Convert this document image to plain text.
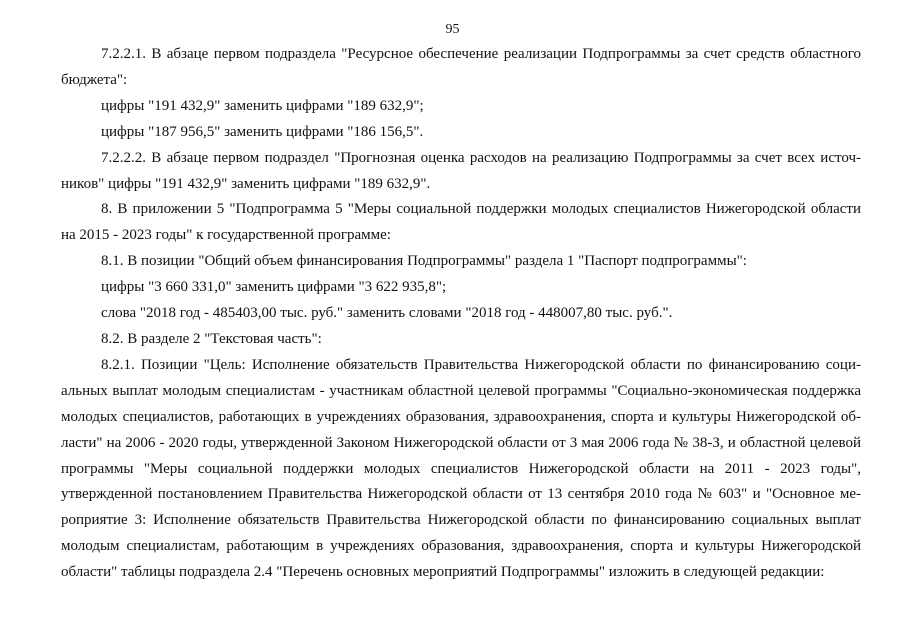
95

7.2.2.1. В абзаце первом подраздела "Ресурсное обеспечение реализации Подпрограммы за счет средств областного бюджета":

цифры "191 432,9" заменить цифрами "189 632,9";

цифры "187 956,5" заменить цифрами "186 156,5".

7.2.2.2. В абзаце первом подраздел "Прогнозная оценка расходов на реализацию Подпрограммы за счет всех источников" цифры "191 432,9" заменить цифрами "189 632,9".

8. В приложении 5 "Подпрограмма 5 "Меры социальной поддержки молодых специалистов Нижегородской области на 2015 - 2023 годы" к государственной программе:

8.1. В позиции "Общий объем финансирования Подпрограммы" раздела 1 "Паспорт подпрограммы":

цифры "3 660 331,0" заменить цифрами "3 622 935,8";

слова "2018 год - 485403,00 тыс. руб." заменить словами "2018 год - 448007,80 тыс. руб.".

8.2. В разделе 2 "Текстовая часть":

8.2.1. Позиции "Цель: Исполнение обязательств Правительства Нижегородской области по финансированию социальных выплат молодым специалистам - участникам областной целевой программы "Социально-экономическая поддержка молодых специалистов, работающих в учреждениях образования, здравоохранения, спорта и культуры Нижегородской области" на 2006 - 2020 годы, утвержденной Законом Нижегородской области от 3 мая 2006 года № 38-З, и областной целевой программы "Меры социальной поддержки молодых специалистов Нижегородской области на 2011 - 2023 годы", утвержденной постановлением Правительства Нижегородской области от 13 сентября 2010 года № 603" и "Основное мероприятие 3: Исполнение обязательств Правительства Нижегородской области по финансированию социальных выплат молодым специалистам, работающим в учреждениях образования, здравоохранения, спорта и культуры Нижегородской области" таблицы подраздела 2.4 "Перечень основных мероприятий Подпрограммы" изложить в следующей редакции:
